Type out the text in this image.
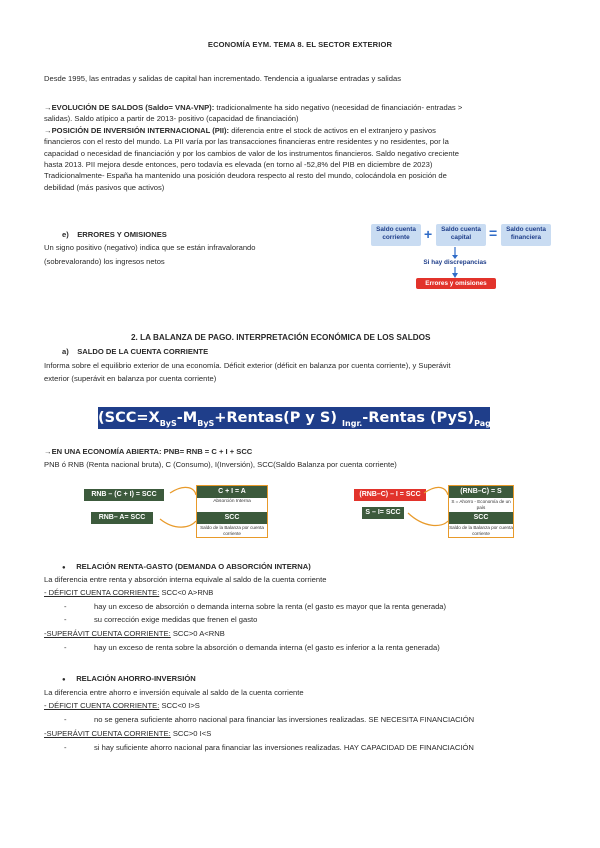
ECONOMÍA EYM. TEMA 8. EL SECTOR EXTERIOR
Desde 1995, las entradas y salidas de capital han incrementado. Tendencia a igualarse entradas y salidas
→EVOLUCIÓN DE SALDOS (Saldo= VNA-VNP): tradicionalmente ha sido negativo (necesidad de financiación- entradas >
salidas). Saldo atípico a partir de 2013- positivo (capacidad de financiación)
→POSICIÓN DE INVERSIÓN INTERNACIONAL (PII): diferencia entre el stock de activos en el extranjero y pasivos
financieros con el resto del mundo. La PII varía por las transacciones financieras entre residentes y no residentes, por la
capacidad o necesidad de financiación y por los cambios de valor de los instrumentos financieros. Saldo negativo creciente
hasta 2013. PII mejora desde entonces, pero todavía es elevada (en torno al -52,8% del PIB en diciembre de 2023)
Tradicionalmente- España ha mantenido una posición deudora respecto al resto del mundo, colocándola en posición de
debilidad (más pasivos que activos)
e) ERRORES Y OMISIONES
Un signo positivo (negativo) indica que se están infravalorando
(sobrevalorando) los ingresos netos
Saldo cuenta corriente	+	Saldo cuenta capital	=	Saldo cuenta financiera
Si hay discrepancias
Errores y omisiones
2. LA BALANZA DE PAGO. INTERPRETACIÓN ECONÓMICA DE LOS SALDOS
a) SALDO DE LA CUENTA CORRIENTE
Informa sobre el equilibrio exterior de una economía. Déficit exterior (déficit en balanza por cuenta corriente), y Superávit
exterior (superávit en balanza por cuenta corriente)
($SCC=X_{ByS}-M_{ByS}+Rentas(P$ y S) $_{Ingr.}$-Rentas $(PyS)_{Pag.}$ )
→EN UNA ECONOMÍA ABIERTA: PNB= RNB = C + I + SCC
PNB ó RNB (Renta nacional bruta), C (Consumo), I(Inversión), SCC(Saldo Balanza por cuenta corriente)
RNB – (C + I) = SCC
RNB– A= SCC
C + I = A
Absorción Interna
SCC
Saldo de la Balanza por cuenta corriente
(RNB–C) – I = SCC
S – I= SCC
(RNB–C) = S
S = Ahorro - Economía de un país
SCC
Saldo de la Balanza por cuenta corriente
● RELACIÓN RENTA-GASTO (DEMANDA O ABSORCIÓN INTERNA)
La diferencia entre renta y absorción interna equivale al saldo de la cuenta corriente
- DÉFICIT CUENTA CORRIENTE: SCC<0 A>RNB
-	hay un exceso de absorción o demanda interna sobre la renta (el gasto es mayor que la renta generada)
-	su corrección exige medidas que frenen el gasto
-SUPERÁVIT CUENTA CORRIENTE: SCC>0 A<RNB
-	hay un exceso de renta sobre la absorción o demanda interna (el gasto es inferior a la renta generada)
● RELACIÓN AHORRO-INVERSIÓN
La diferencia entre ahorro e inversión equivale al saldo de la cuenta corriente
- DÉFICIT CUENTA CORRIENTE: SCC<0 I>S
-	no se genera suficiente ahorro nacional para financiar las inversiones realizadas. SE NECESITA FINANCIACIÓN
-SUPERÁVIT CUENTA CORRIENTE: SCC>0 I<S
-	si hay suficiente ahorro nacional para financiar las inversiones realizadas. HAY CAPACIDAD DE FINANCIACIÓN
